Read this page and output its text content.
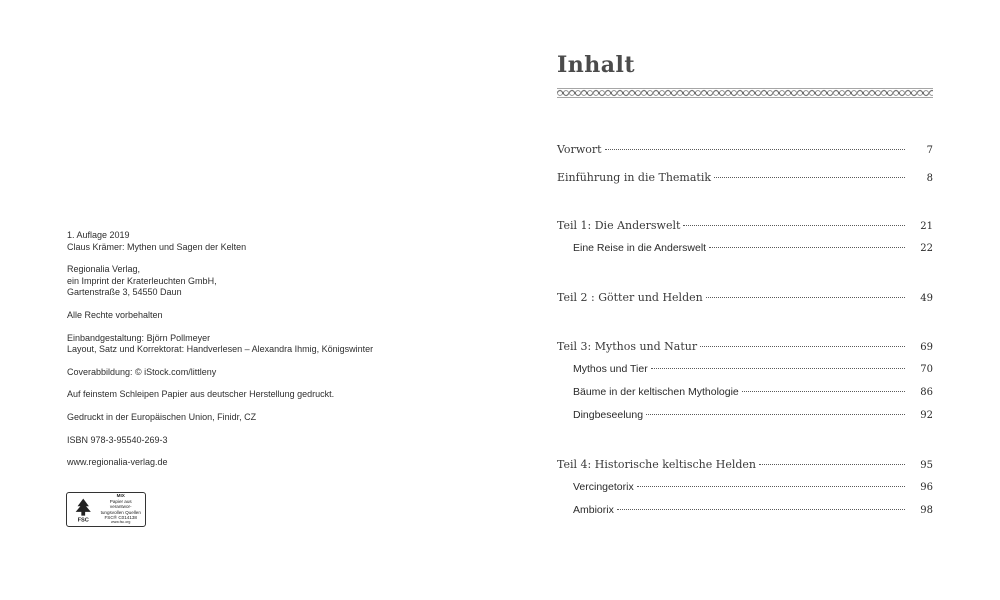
1. Auflage 2019
Claus Krämer: Mythen und Sagen der Kelten
Regionalia Verlag,
ein Imprint der Kraterleuchten GmbH,
Gartenstraße 3, 54550 Daun
Alle Rechte vorbehalten
Einbandgestaltung: Björn Pollmeyer
Layout, Satz und Korrektorat: Handverlesen – Alexandra Ihmig, Königswinter
Coverabbildung: © iStock.com/littleny
Auf feinstem Schleipen Papier aus deutscher Herstellung gedruckt.
Gedruckt in der Europäischen Union, Finidr, CZ
ISBN 978-3-95540-269-3
www.regionalia-verlag.de
FSC
MIX
Papier aus verantwor-
tungsvollen Quellen
FSC® C014138
www.fsc.org
Inhalt
Vorwort	7
Einführung in die Thematik	8
Teil 1: Die Anderswelt	21
Eine Reise in die Anderswelt	22
Teil 2 : Götter und Helden	49
Teil 3: Mythos und Natur	69
Mythos und Tier	70
Bäume in der keltischen Mythologie	86
Dingbeseelung	92
Teil 4: Historische keltische Helden	95
Vercingetorix	96
Ambiorix	98
